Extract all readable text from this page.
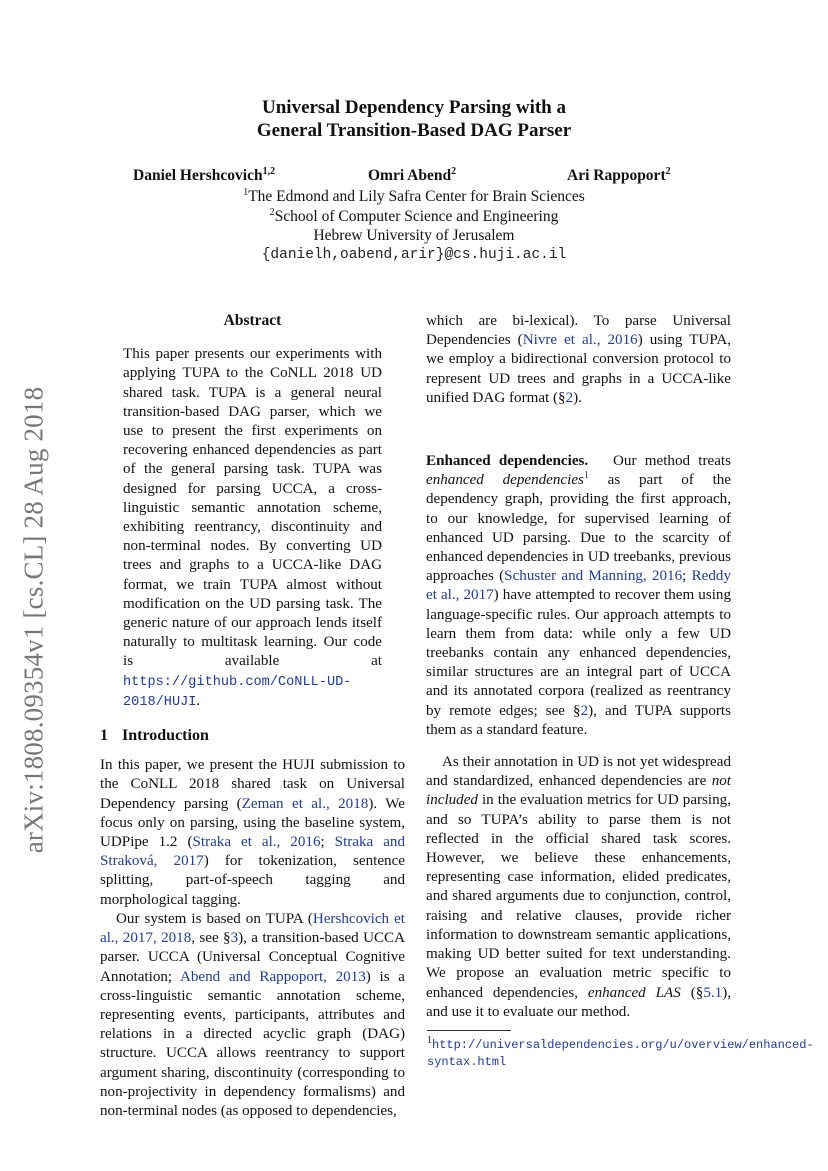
arXiv:1808.09354v1 [cs.CL] 28 Aug 2018
Universal Dependency Parsing with a
General Transition-Based DAG Parser
Daniel Hershcovich$^{1,2}$	Omri Abend$^2$	Ari Rappoport$^2$
$^1$The Edmond and Lily Safra Center for Brain Sciences
$^2$School of Computer Science and Engineering
Hebrew University of Jerusalem
{danielh,oabend,arir}@cs.huji.ac.il
Abstract

This paper presents our experiments with applying TUPA to the CoNLL 2018 UD shared task. TUPA is a general neural transition-based DAG parser, which we use to present the first experiments on recovering enhanced dependencies as part of the general parsing task. TUPA was designed for parsing UCCA, a cross-linguistic semantic annotation scheme, exhibiting reentrancy, discontinuity and non-terminal nodes. By converting UD trees and graphs to a UCCA-like DAG format, we train TUPA almost without modification on the UD parsing task. The generic nature of our approach lends itself naturally to multitask learning. Our code is available at https://github.com/CoNLL-UD-2018/HUJI.

1 Introduction

In this paper, we present the HUJI submission to the CoNLL 2018 shared task on Universal Dependency parsing (Zeman et al., 2018). We focus only on parsing, using the baseline system, UDPipe 1.2 (Straka et al., 2016; Straka and Straková, 2017) for tokenization, sentence splitting, part-of-speech tagging and morphological tagging.

Our system is based on TUPA (Hershcovich et al., 2017, 2018, see §3), a transition-based UCCA parser. UCCA (Universal Conceptual Cognitive Annotation; Abend and Rappoport, 2013) is a cross-linguistic semantic annotation scheme, representing events, participants, attributes and relations in a directed acyclic graph (DAG) structure. UCCA allows reentrancy to support argument sharing, discontinuity (corresponding to non-projectivity in dependency formalisms) and non-terminal nodes (as opposed to dependencies,

which are bi-lexical). To parse Universal Dependencies (Nivre et al., 2016) using TUPA, we employ a bidirectional conversion protocol to represent UD trees and graphs in a UCCA-like unified DAG format (§2).

Enhanced dependencies. Our method treats enhanced dependencies$^1$ as part of the dependency graph, providing the first approach, to our knowledge, for supervised learning of enhanced UD parsing. Due to the scarcity of enhanced dependencies in UD treebanks, previous approaches (Schuster and Manning, 2016; Reddy et al., 2017) have attempted to recover them using language-specific rules. Our approach attempts to learn them from data: while only a few UD treebanks contain any enhanced dependencies, similar structures are an integral part of UCCA and its annotated corpora (realized as reentrancy by remote edges; see §2), and TUPA supports them as a standard feature.

As their annotation in UD is not yet widespread and standardized, enhanced dependencies are not included in the evaluation metrics for UD parsing, and so TUPA’s ability to parse them is not reflected in the official shared task scores. However, we believe these enhancements, representing case information, elided predicates, and shared arguments due to conjunction, control, raising and relative clauses, provide richer information to downstream semantic applications, making UD better suited for text understanding. We propose an evaluation metric specific to enhanced dependencies, enhanced LAS (§5.1), and use it to evaluate our method.

$^1$http://universaldependencies.org/u/overview/enhanced-syntax.html
